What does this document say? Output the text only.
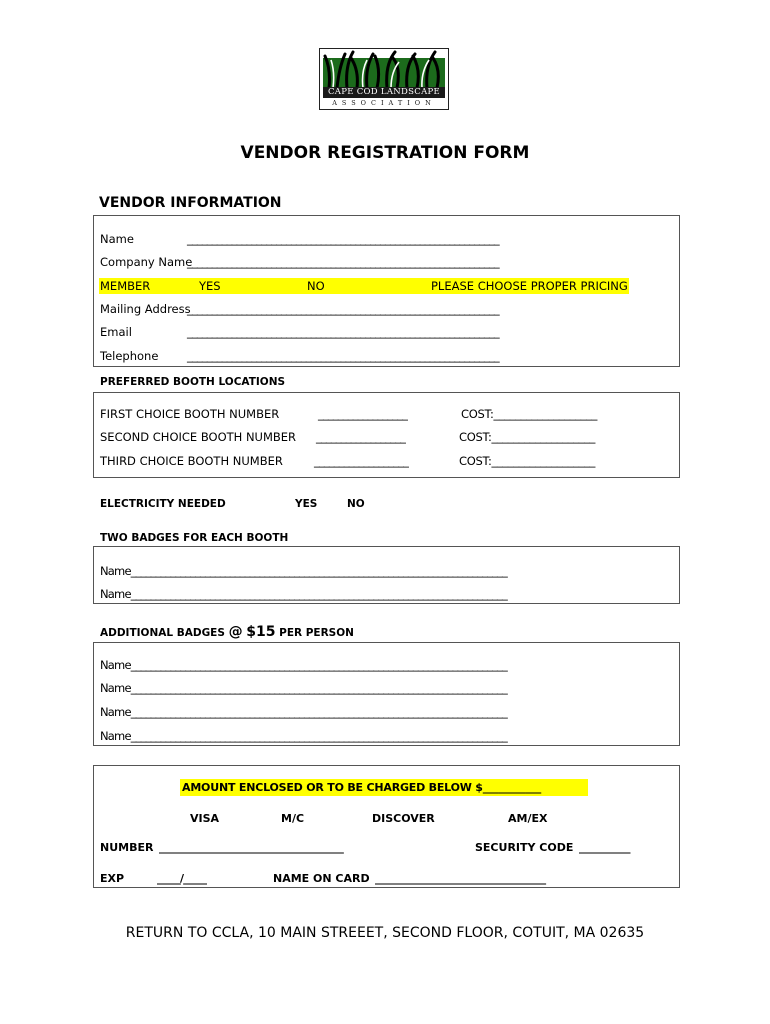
CAPE COD LANDSCAPE
ASSOCIATION
VENDOR REGISTRATION FORM
VENDOR INFORMATION
Name	_______________________________________________________________
Company Name
_______________________________________________________________
MEMBER	YES	NO	PLEASE CHOOSE PROPER PRICING
Mailing Address
_______________________________________________________________
Email	_______________________________________________________________
Telephone _______________________________________________________________
PREFERRED BOOTH LOCATIONS
FIRST CHOICE BOOTH NUMBER	__________________	COST:___________________
SECOND CHOICE BOOTH NUMBER __________________	COST:___________________
THIRD CHOICE BOOTH NUMBER	___________________	COST:___________________
ELECTRICITY NEEDED	YES	NO
TWO BADGES FOR EACH BOOTH
Name____________________________________________________________________________
Name____________________________________________________________________________
ADDITIONAL BADGES @ $15 PER PERSON
Name____________________________________________________________________________
Name____________________________________________________________________________
Name____________________________________________________________________________
Name____________________________________________________________________________
AMOUNT ENCLOSED OR TO BE CHARGED BELOW $___________
VISA	M/C	DISCOVER	AM/EX
NUMBER ________________________________________	SECURITY CODE ___________
EXP	_____/_____	NAME ON CARD _____________________________________
RETURN TO CCLA, 10 MAIN STREEET, SECOND FLOOR, COTUIT, MA 02635
